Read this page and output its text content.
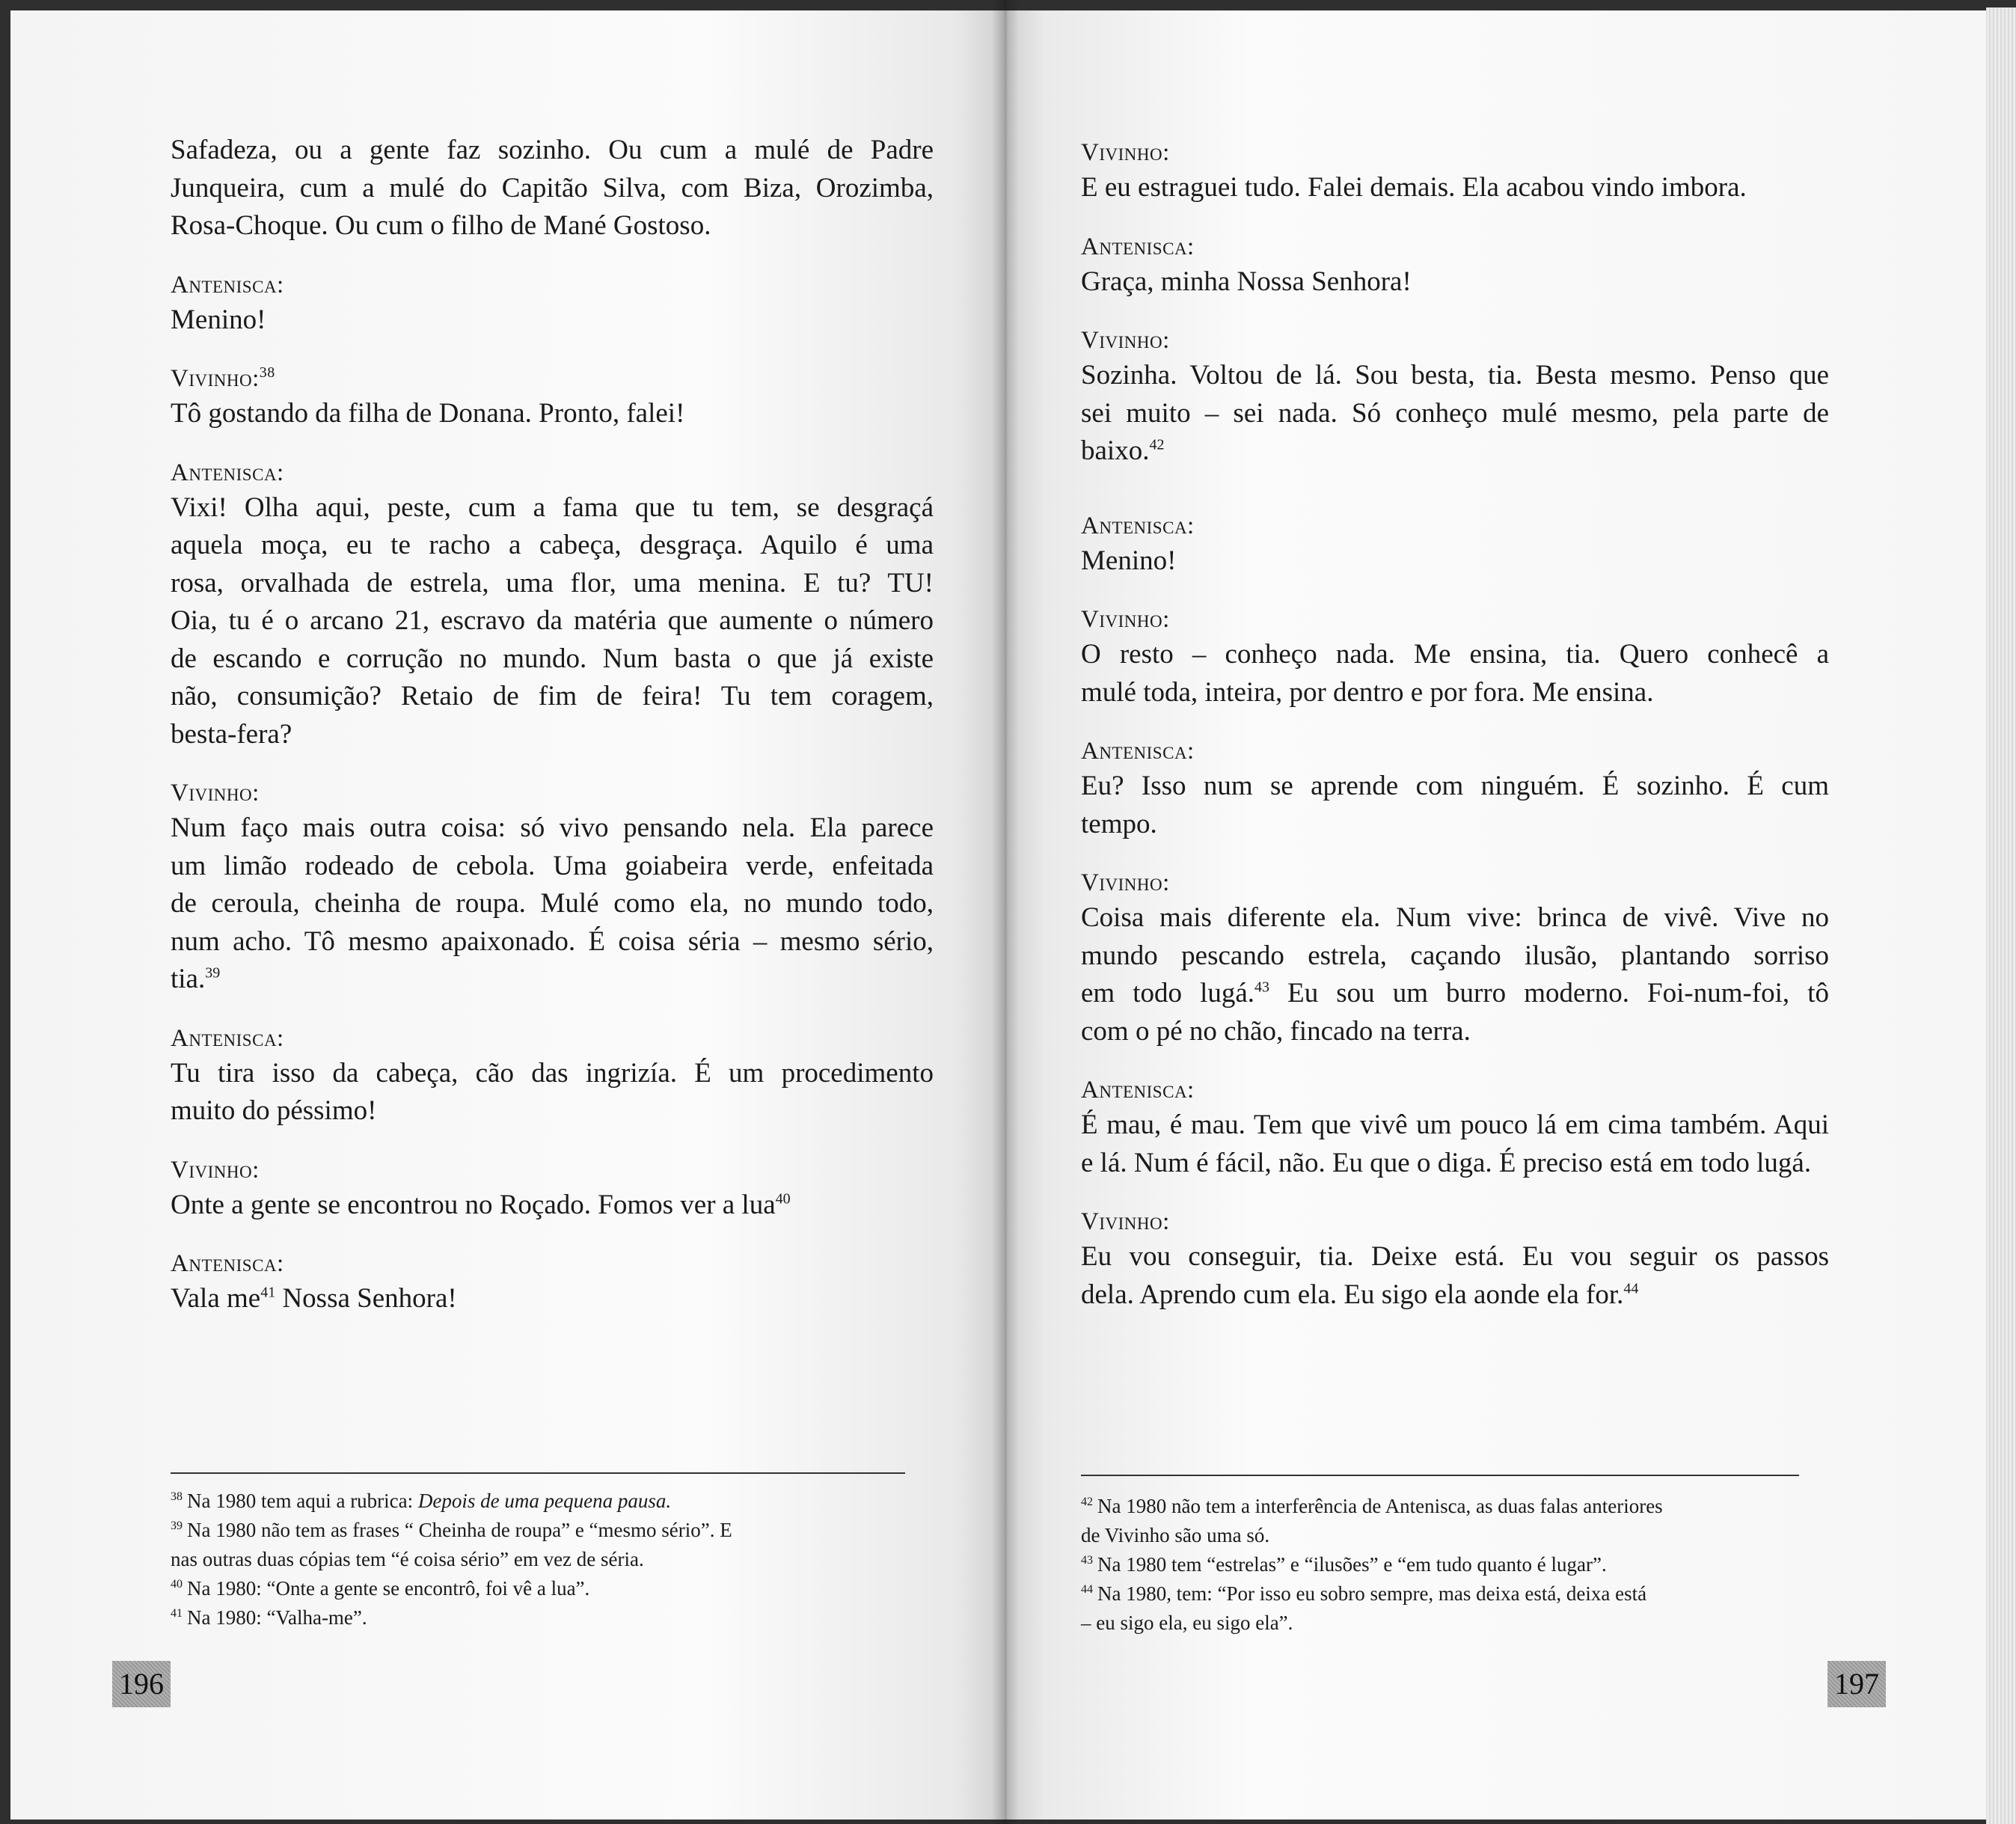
Safadeza, ou a gente faz sozinho. Ou cum a mulé de Padre
Junqueira, cum a mulé do Capitão Silva, com Biza, Orozimba,
Rosa-Choque. Ou cum o filho de Mané Gostoso.
Antenisca:
Menino!
Vivinho:$^{38}$
Tô gostando da filha de Donana. Pronto, falei!
Antenisca:
Vixi! Olha aqui, peste, cum a fama que tu tem, se desgraçá
aquela moça, eu te racho a cabeça, desgraça. Aquilo é uma
rosa, orvalhada de estrela, uma flor, uma menina. E tu? TU!
Oia, tu é o arcano 21, escravo da matéria que aumente o número
de escando e corrução no mundo. Num basta o que já existe
não, consumição? Retaio de fim de feira! Tu tem coragem,
besta-fera?
Vivinho:
Num faço mais outra coisa: só vivo pensando nela. Ela parece
um limão rodeado de cebola. Uma goiabeira verde, enfeitada
de ceroula, cheinha de roupa. Mulé como ela, no mundo todo,
num acho. Tô mesmo apaixonado. É coisa séria – mesmo sério,
tia.$^{39}$
Antenisca:
Tu tira isso da cabeça, cão das ingrizía. É um procedimento
muito do péssimo!
Vivinho:
Onte a gente se encontrou no Roçado. Fomos ver a lua$^{40}$
Antenisca:
Vala $me^{41}$ Nossa Senhora!
$^{38}$ Na 1980 tem aqui a rubrica: Depois de uma pequena pausa.
$^{39}$ Na 1980 não tem as frases “ Cheinha de roupa” e “mesmo sério”. E
nas outras duas cópias tem “é coisa sério” em vez de séria.
$^{40}$ Na 1980: “Onte a gente se encontrô, foi vê a lua”.
$^{41}$ Na 1980: “Valha-me”.
196
Vivinho:
E eu estraguei tudo. Falei demais. Ela acabou vindo imbora.
Antenisca:
Graça, minha Nossa Senhora!
Vivinho:
Sozinha. Voltou de lá. Sou besta, tia. Besta mesmo. Penso que
sei muito – sei nada. Só conheço mulé mesmo, pela parte de
baixo.$^{42}$
Antenisca:
Menino!
Vivinho:
O resto – conheço nada. Me ensina, tia. Quero conhecê a
mulé toda, inteira, por dentro e por fora. Me ensina.
Antenisca:
Eu? Isso num se aprende com ninguém. É sozinho. É cum
tempo.
Vivinho:
Coisa mais diferente ela. Num vive: brinca de vivê. Vive no
mundo pescando estrela, caçando ilusão, plantando sorriso
em todo lugá.$^{43}$ Eu sou um burro moderno. Foi-num-foi, tô
com o pé no chão, fincado na terra.
Antenisca:
É mau, é mau. Tem que vivê um pouco lá em cima também. Aqui
e lá. Num é fácil, não. Eu que o diga. É preciso está em todo lugá.
Vivinho:
Eu vou conseguir, tia. Deixe está. Eu vou seguir os passos
dela. Aprendo cum ela. Eu sigo ela aonde ela for.$^{44}$
$^{42}$ Na 1980 não tem a interferência de Antenisca, as duas falas anteriores
de Vivinho são uma só.
$^{43}$ Na 1980 tem “estrelas” e “ilusões” e “em tudo quanto é lugar”.
$^{44}$ Na 1980, tem: “Por isso eu sobro sempre, mas deixa está, deixa está
– eu sigo ela, eu sigo ela”.
197
